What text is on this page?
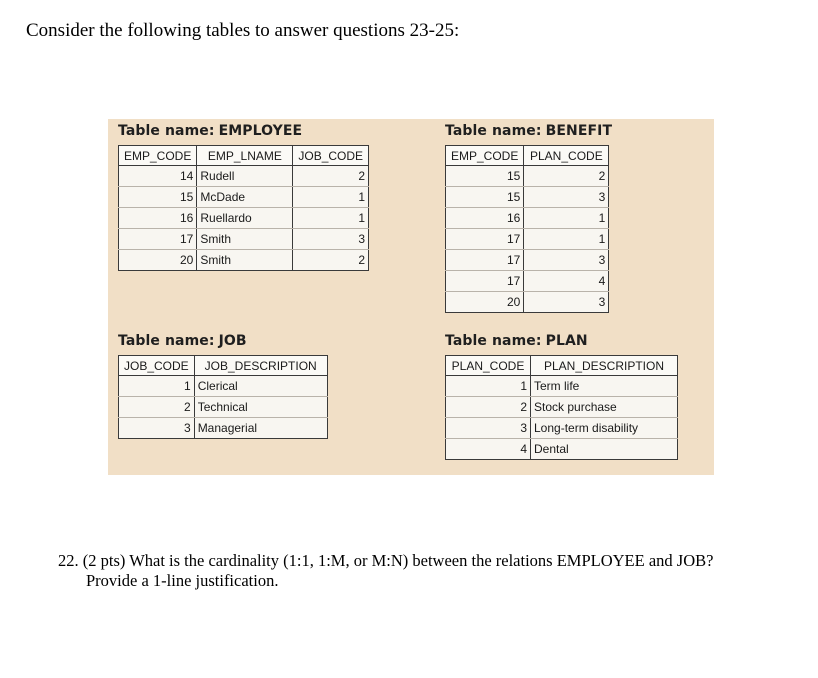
Consider the following tables to answer questions 23-25:
Table name: EMPLOYEE
EMP_CODE	EMP_LNAME	JOB_CODE
14	Rudell	2
15	McDade	1
16	Ruellardo	1
17	Smith	3
20	Smith	2
Table name: BENEFIT
EMP_CODE	PLAN_CODE
15	2
15	3
16	1
17	1
17	3
17	4
20	3
Table name: JOB
JOB_CODE	JOB_DESCRIPTION
1	Clerical
2	Technical
3	Managerial
Table name: PLAN
PLAN_CODE	PLAN_DESCRIPTION
1	Term life
2	Stock purchase
3	Long-term disability
4	Dental
22. (2 pts) What is the cardinality (1:1, 1:M, or M:N) between the relations EMPLOYEE and JOB?
Provide a 1-line justification.
